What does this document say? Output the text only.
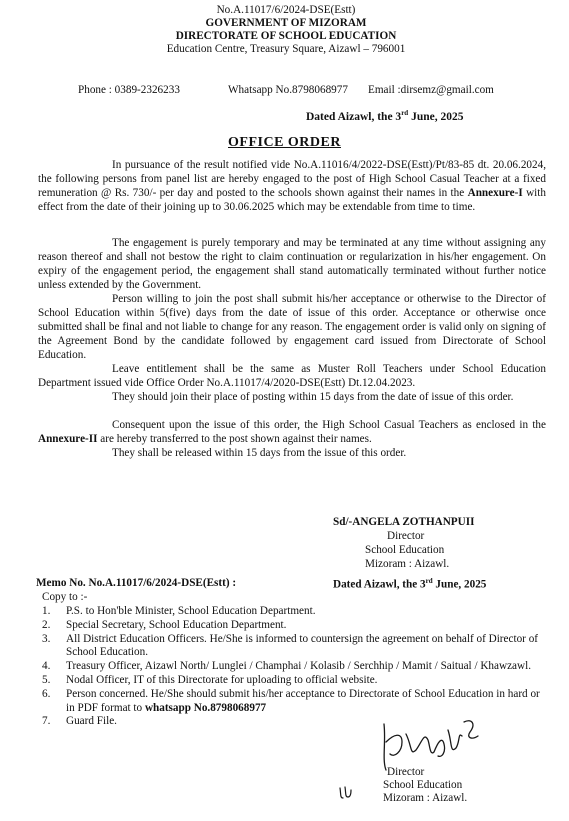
No.A.11017/6/2024-DSE(Estt)
GOVERNMENT OF MIZORAM
DIRECTORATE OF SCHOOL EDUCATION
Education Centre, Treasury Square, Aizawl – 796001
Phone : 0389-2326233	Whatsapp No.8798068977 Email :dirsemz@gmail.com
Dated Aizawl, the 3rd June, 2025
OFFICE ORDER

In pursuance of the result notified vide No.A.11016/4/2022-DSE(Estt)/Pt/83-85 dt. 20.06.2024, the following persons from panel list are hereby engaged to the post of High School Casual Teacher at a fixed remuneration @ Rs. 730/- per day and posted to the schools shown against their names in the Annexure-I with effect from the date of their joining up to 30.06.2025 which may be extendable from time to time.

The engagement is purely temporary and may be terminated at any time without assigning any reason thereof and shall not bestow the right to claim continuation or regularization in his/her engagement. On expiry of the engagement period, the engagement shall stand automatically terminated without further notice unless extended by the Government.

Person willing to join the post shall submit his/her acceptance or otherwise to the Director of School Education within 5(five) days from the date of issue of this order. Acceptance or otherwise once submitted shall be final and not liable to change for any reason. The engagement order is valid only on signing of the Agreement Bond by the candidate followed by engagement card issued from Directorate of School Education.

Leave entitlement shall be the same as Muster Roll Teachers under School Education Department issued vide Office Order No.A.11017/4/2020-DSE(Estt) Dt.12.04.2023.

They should join their place of posting within 15 days from the date of issue of this order.

Consequent upon the issue of this order, the High School Casual Teachers as enclosed in the Annexure-II are hereby transferred to the post shown against their names.

They shall be released within 15 days from the issue of this order.

Sd/-ANGELA ZOTHANPUII
Director
School Education
Mizoram : Aizawl.
Memo No. No.A.11017/6/2024-DSE(Estt) :	Dated Aizawl, the 3rd June, 2025
Copy to :-
1.	P.S. to Hon'ble Minister, School Education Department.
2.	Special Secretary, School Education Department.
3.	All District Education Officers. He/She is informed to countersign the agreement on behalf of Director of School Education.
4.	Treasury Officer, Aizawl North/ Lunglei / Champhai / Kolasib / Serchhip / Mamit / Saitual / Khawzawl.
5.	Nodal Officer, IT of this Directorate for uploading to official website.
6.	Person concerned. He/She should submit his/her acceptance to Directorate of School Education in hard or in PDF format to whatsapp No.8798068977
7.	Guard File.
Director
School Education
Mizoram : Aizawl.
